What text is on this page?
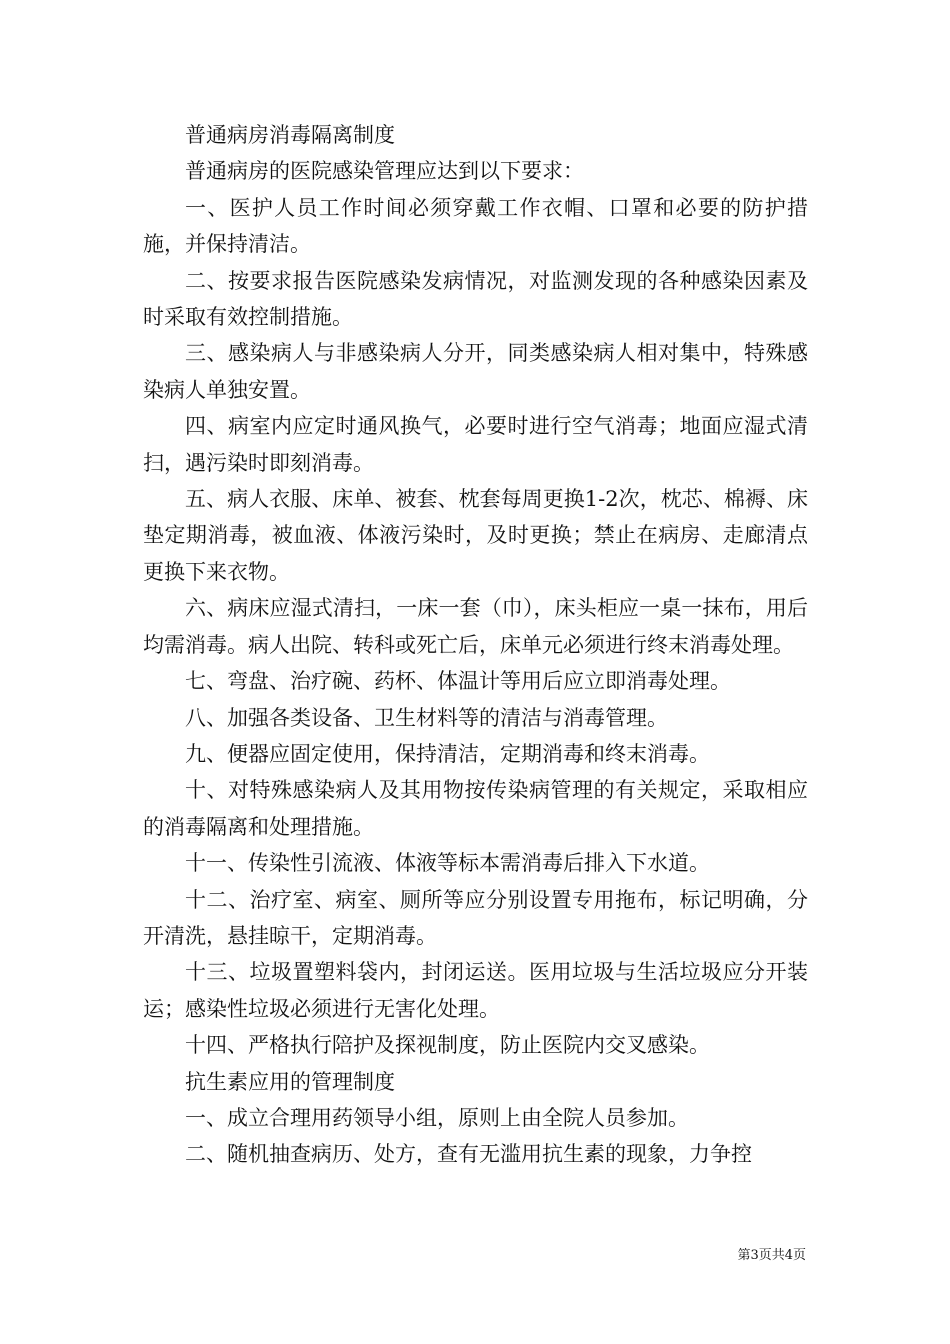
普通病房消毒隔离制度

普通病房的医院感染管理应达到以下要求：

一、医护人员工作时间必须穿戴工作衣帽、口罩和必要的防护措施，并保持清洁。

二、按要求报告医院感染发病情况，对监测发现的各种感染因素及时采取有效控制措施。

三、感染病人与非感染病人分开，同类感染病人相对集中，特殊感染病人单独安置。

四、病室内应定时通风换气，必要时进行空气消毒；地面应湿式清扫，遇污染时即刻消毒。

五、病人衣服、床单、被套、枕套每周更换1-2次，枕芯、棉褥、床垫定期消毒，被血液、体液污染时，及时更换；禁止在病房、走廊清点更换下来衣物。

六、病床应湿式清扫，一床一套（巾），床头柜应一桌一抹布，用后均需消毒。病人出院、转科或死亡后，床单元必须进行终末消毒处理。

七、弯盘、治疗碗、药杯、体温计等用后应立即消毒处理。

八、加强各类设备、卫生材料等的清洁与消毒管理。

九、便器应固定使用，保持清洁，定期消毒和终末消毒。

十、对特殊感染病人及其用物按传染病管理的有关规定，采取相应的消毒隔离和处理措施。

十一、传染性引流液、体液等标本需消毒后排入下水道。

十二、治疗室、病室、厕所等应分别设置专用拖布，标记明确，分开清洗，悬挂晾干，定期消毒。

十三、垃圾置塑料袋内，封闭运送。医用垃圾与生活垃圾应分开装运；感染性垃圾必须进行无害化处理。

十四、严格执行陪护及探视制度，防止医院内交叉感染。

抗生素应用的管理制度

一、成立合理用药领导小组，原则上由全院人员参加。

二、随机抽查病历、处方，查有无滥用抗生素的现象，力争控

第3页共4页
